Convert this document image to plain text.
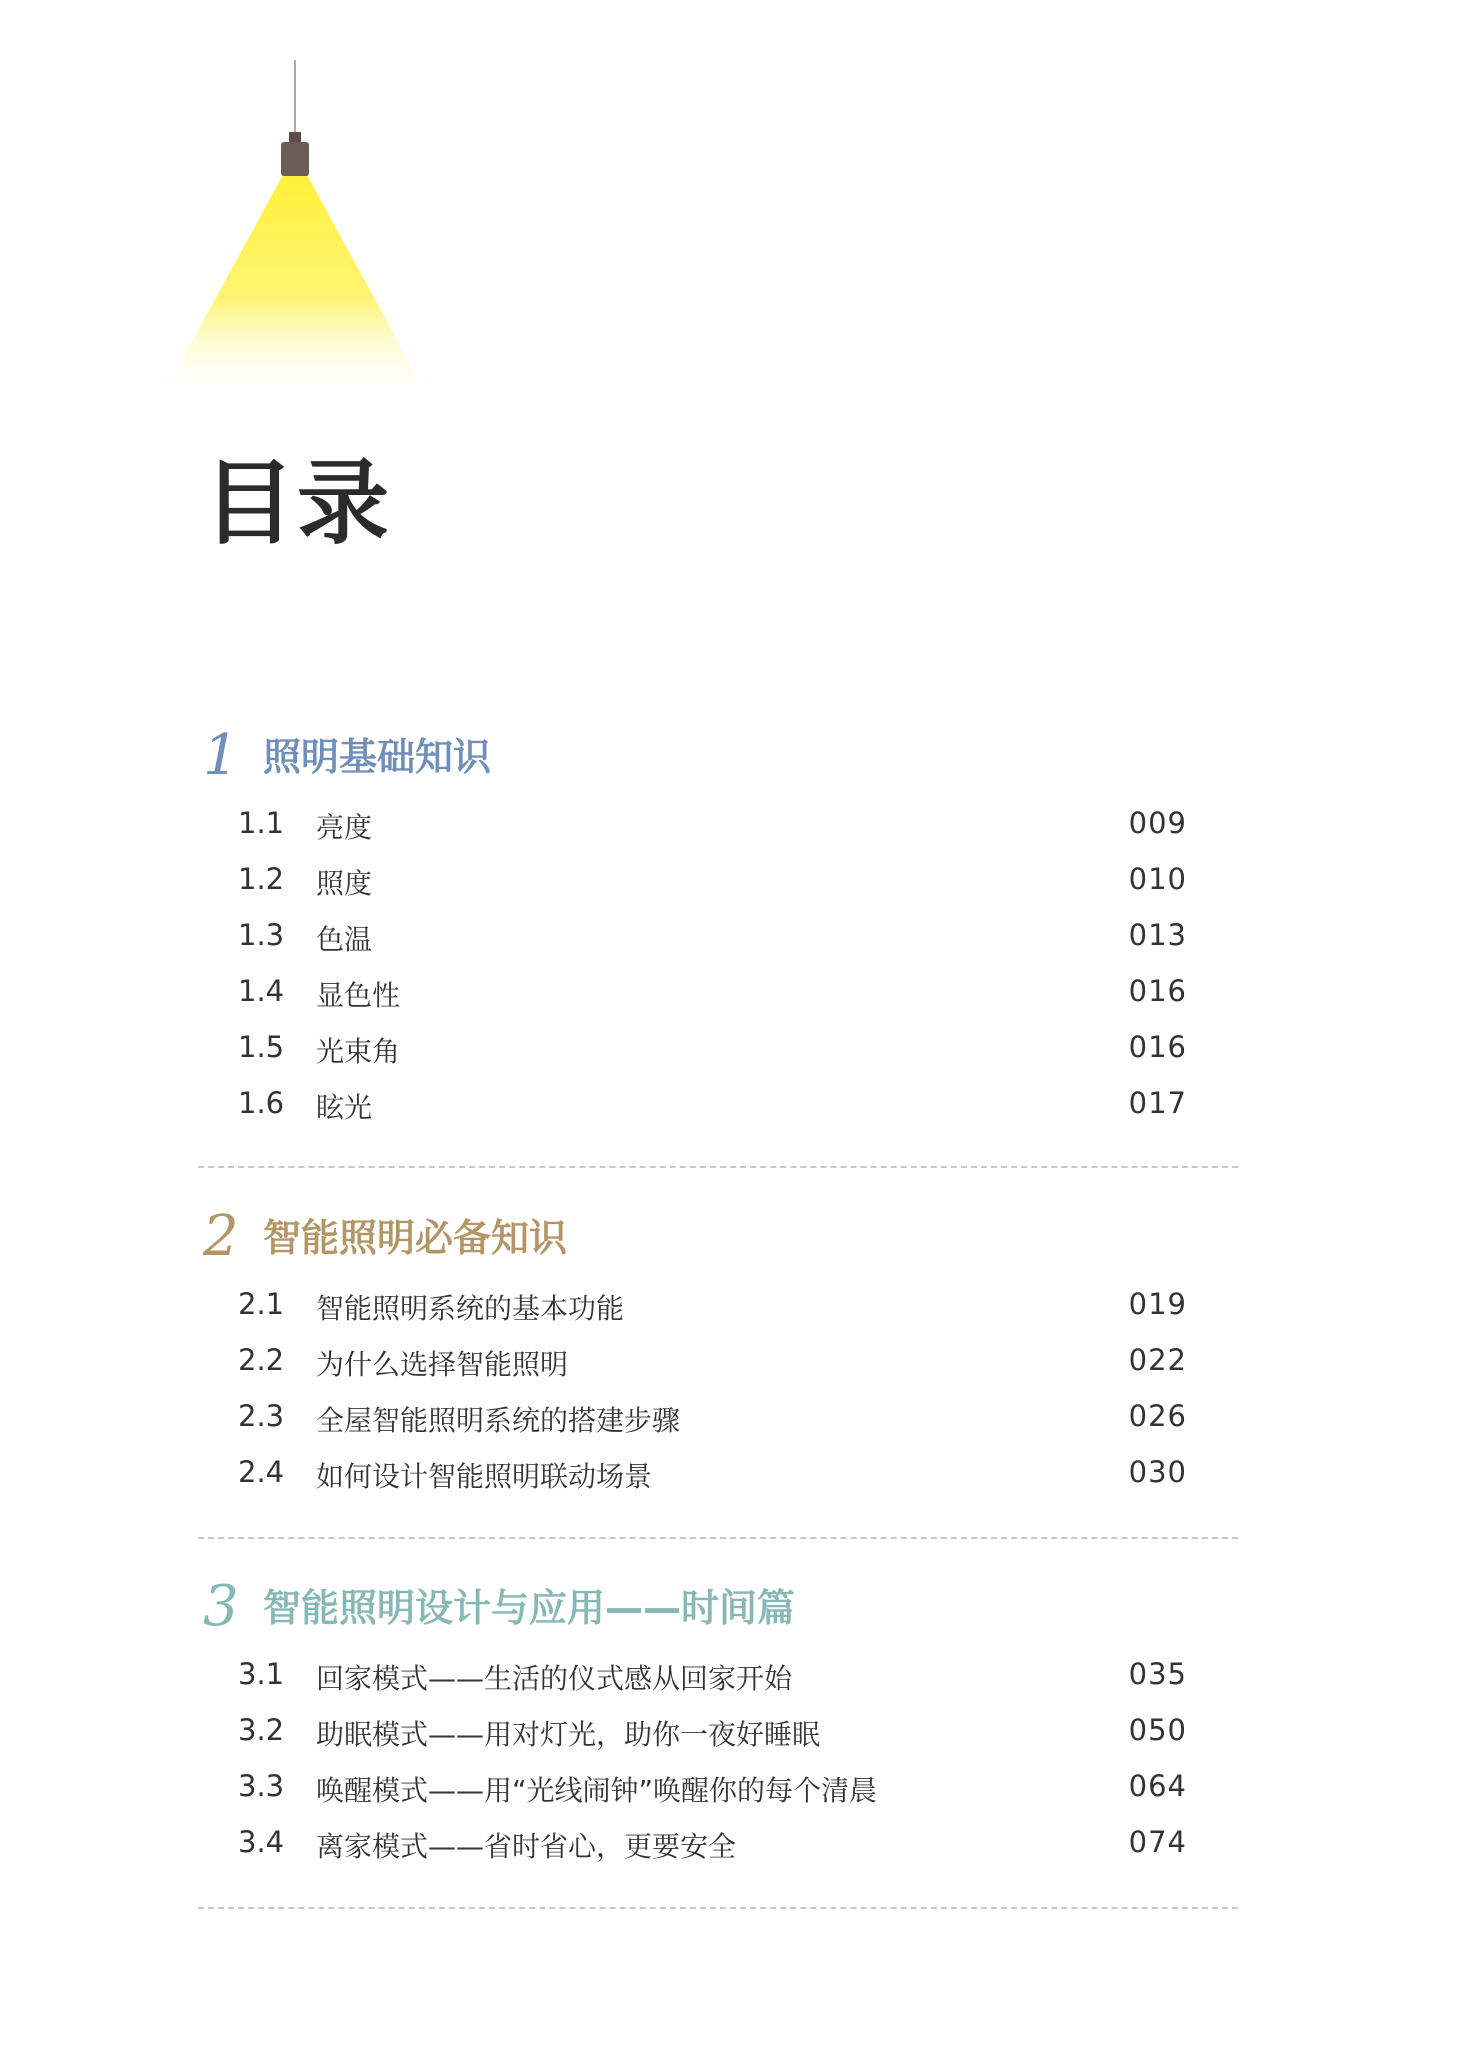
目录
1 照明基础知识
1.1 亮度	009
1.2 照度	010
1.3 色温	013
1.4 显色性	016
1.5 光束角	016
1.6 眩光	017
2 智能照明必备知识
2.1 智能照明系统的基本功能	019
2.2 为什么选择智能照明	022
2.3 全屋智能照明系统的搭建步骤	026
2.4 如何设计智能照明联动场景	030
3 智能照明设计与应用——时间篇
3.1 回家模式——生活的仪式感从回家开始	035
3.2 助眠模式——用对灯光，助你一夜好睡眠	050
3.3 唤醒模式——用“光线闹钟”唤醒你的每个清晨	064
3.4 离家模式——省时省心，更要安全	074
